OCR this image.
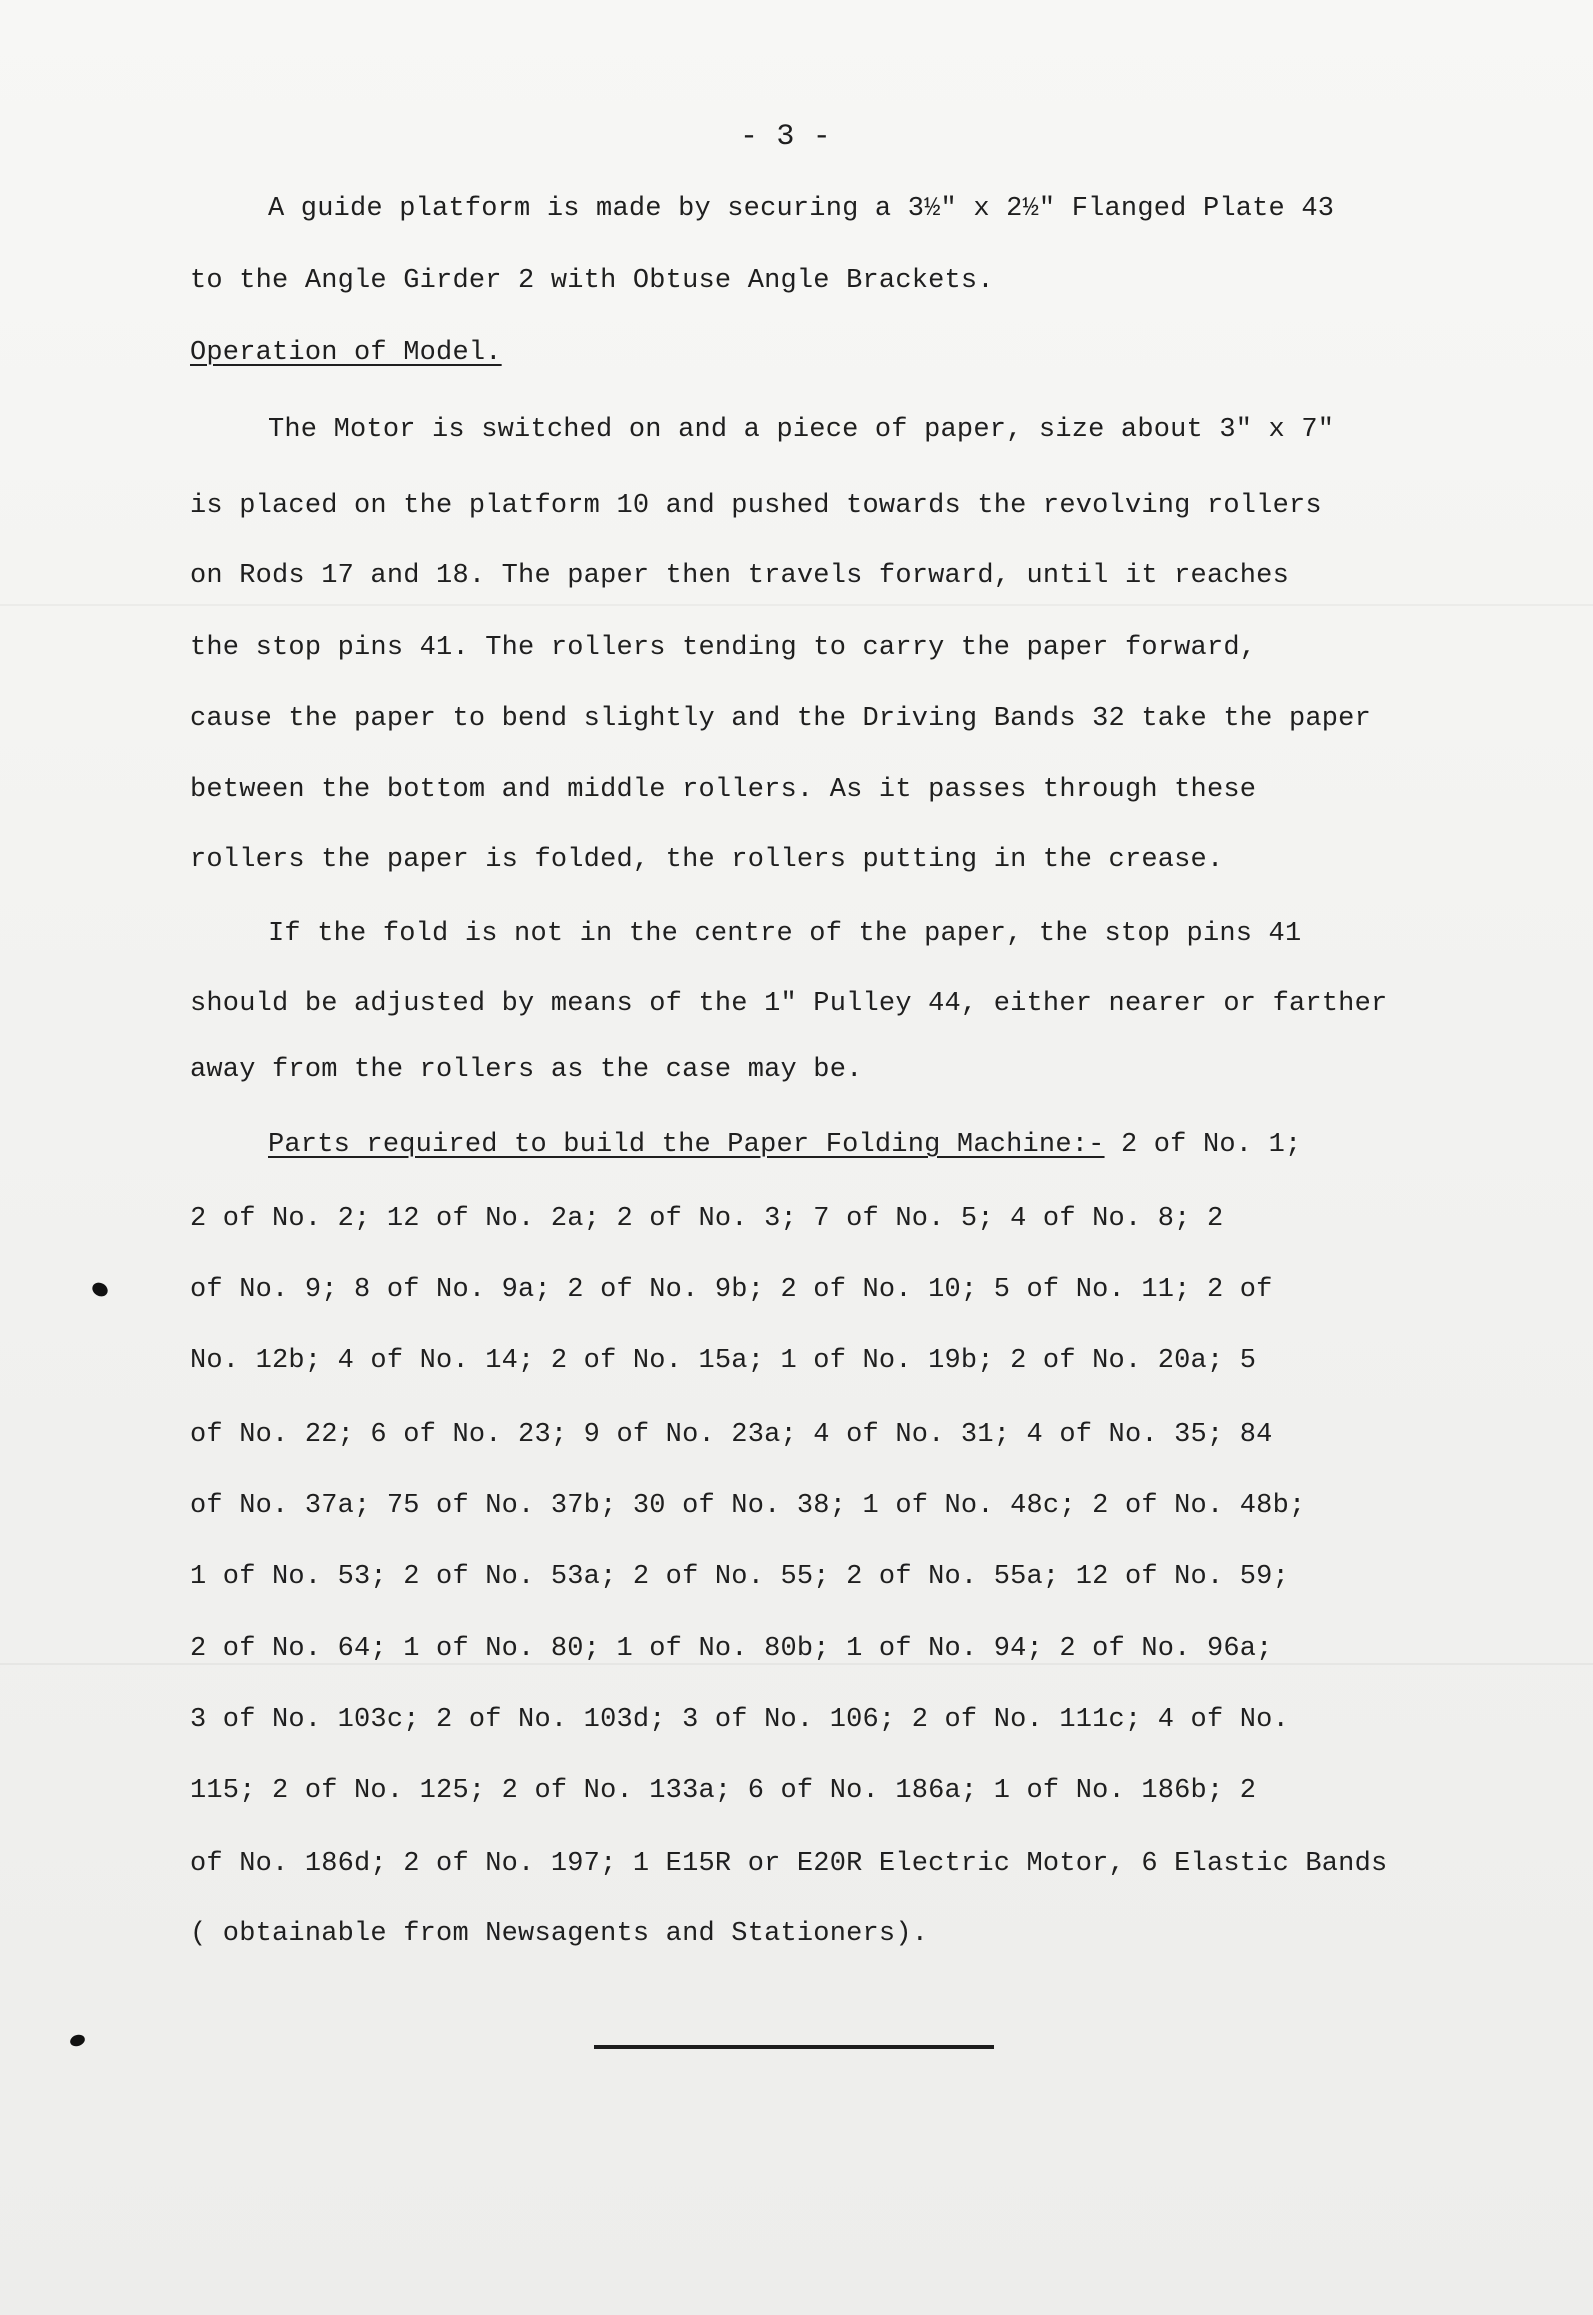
- 3 -
A guide platform is made by securing a 3½" x 2½" Flanged Plate 43
to the Angle Girder 2 with Obtuse Angle Brackets.
Operation of Model.
The Motor is switched on and a piece of paper, size about 3" x 7"
is placed on the platform 10 and pushed towards the revolving rollers
on Rods 17 and 18. The paper then travels forward, until it reaches
the stop pins 41. The rollers tending to carry the paper forward,
cause the paper to bend slightly and the Driving Bands 32 take the paper
between the bottom and middle rollers. As it passes through these
rollers the paper is folded, the rollers putting in the crease.
If the fold is not in the centre of the paper, the stop pins 41
should be adjusted by means of the 1" Pulley 44, either nearer or farther
away from the rollers as the case may be.
Parts required to build the Paper Folding Machine:- 2 of No. 1;
2 of No. 2; 12 of No. 2a; 2 of No. 3; 7 of No. 5; 4 of No. 8; 2
of No. 9; 8 of No. 9a; 2 of No. 9b; 2 of No. 10; 5 of No. 11; 2 of
No. 12b; 4 of No. 14; 2 of No. 15a; 1 of No. 19b; 2 of No. 20a; 5
of No. 22; 6 of No. 23; 9 of No. 23a; 4 of No. 31; 4 of No. 35; 84
of No. 37a; 75 of No. 37b; 30 of No. 38; 1 of No. 48c; 2 of No. 48b;
1 of No. 53; 2 of No. 53a; 2 of No. 55; 2 of No. 55a; 12 of No. 59;
2 of No. 64; 1 of No. 80; 1 of No. 80b; 1 of No. 94; 2 of No. 96a;
3 of No. 103c; 2 of No. 103d; 3 of No. 106; 2 of No. 111c; 4 of No.
115; 2 of No. 125; 2 of No. 133a; 6 of No. 186a; 1 of No. 186b; 2
of No. 186d; 2 of No. 197; 1 E15R or E20R Electric Motor, 6 Elastic Bands
( obtainable from Newsagents and Stationers).
